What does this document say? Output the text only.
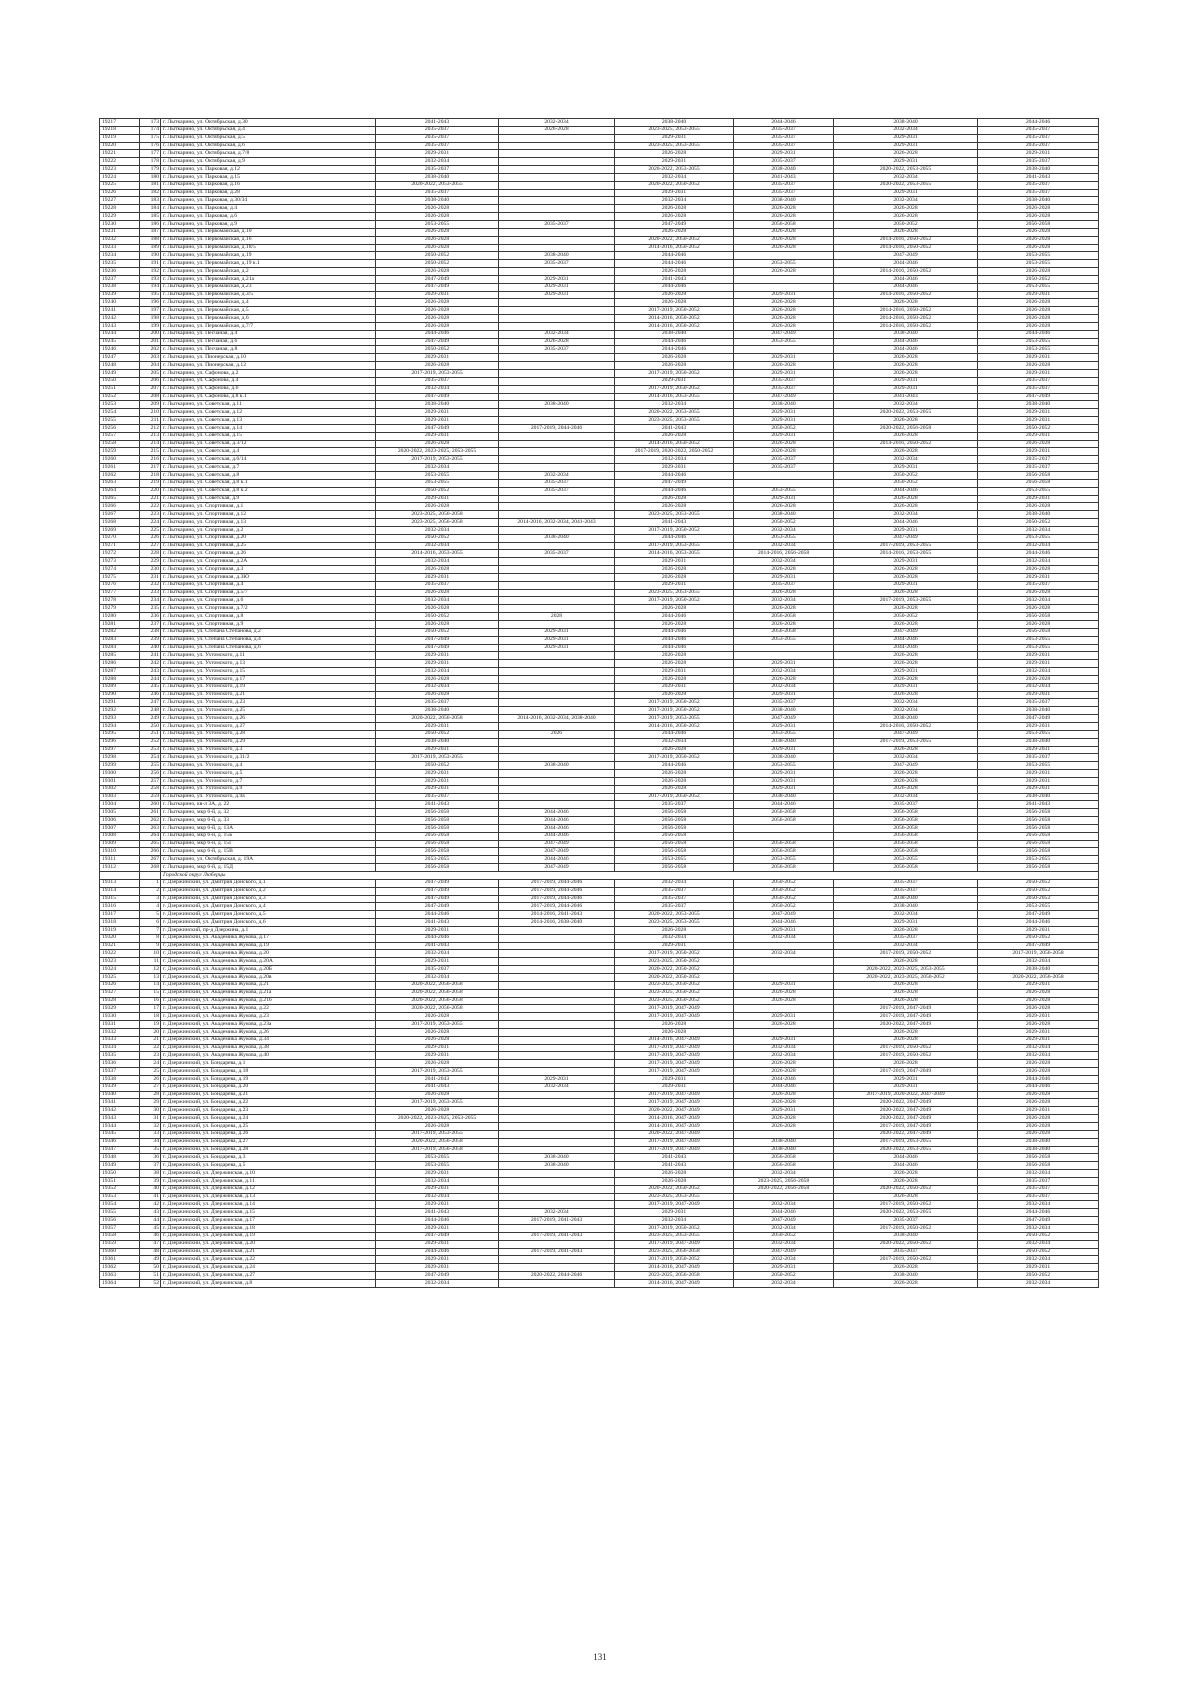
19217	173	г. Лыткарино, ул. Октябрьская, д.30	2041-2043	2032-2034	2038-2040	2044-2046	2038-2040	2044-2046
19218	174	г. Лыткарино, ул. Октябрьская, д.4	2035-2037	2026-2028	2023-2025, 2053-2055	2035-2037	2032-2034	2035-2037
19219	175	г. Лыткарино, ул. Октябрьская, д.5	2035-2037		2029-2031	2035-2037	2029-2031	2035-2037
19220	176	г. Лыткарино, ул. Октябрьская, д.6	2035-2037		2023-2025, 2053-2055	2035-2037	2029-2031	2035-2037
19221	177	г. Лыткарино, ул. Октябрьская, д.7/8	2029-2031		2026-2028	2029-2031	2026-2028	2029-2031
19222	178	г. Лыткарино, ул. Октябрьская, д.9	2032-2034		2029-2031	2035-2037	2029-2031	2035-2037
19223	179	г. Лыткарино, ул. Парковая, д.12	2035-2037		2020-2022, 2053-2055	2038-2040	2020-2022, 2053-2055	2038-2040
19224	180	г. Лыткарино, ул. Парковая, д.15	2038-2040		2032-2034	2041-2043	2032-2034	2041-2043
19225	181	г. Лыткарино, ул. Парковая, д.16	2020-2022, 2053-2055		2020-2022, 2050-2052	2035-2037	2020-2022, 2053-2055	2035-2037
19226	182	г. Лыткарино, ул. Парковая, д.28	2035-2037		2029-2031	2035-2037	2029-2031	2035-2037
19227	183	г. Лыткарино, ул. Парковая, д.30/34	2038-2040		2032-2034	2038-2040	2032-2034	2038-2040
19228	184	г. Лыткарино, ул. Парковая, д.4	2026-2028		2026-2028	2026-2028	2026-2028	2026-2028
19229	185	г. Лыткарино, ул. Парковая, д.6	2026-2028		2026-2028	2026-2028	2026-2028	2026-2028
19230	186	г. Лыткарино, ул. Парковая, д.9	2053-2055	2035-2037	2047-2049	2056-2058	2050-2052	2056-2058
19231	187	г. Лыткарино, ул. Первомайская, д.10	2026-2028		2026-2028	2026-2028	2026-2028	2026-2028
19232	188	г. Лыткарино, ул. Первомайская, д.16	2026-2028		2020-2022, 2050-2052	2026-2028	2014-2016, 2050-2052	2026-2028
19233	189	г. Лыткарино, ул. Первомайская, д.18/5	2026-2028		2014-2016, 2050-2052	2026-2028	2014-2016, 2050-2052	2026-2028
19234	190	г. Лыткарино, ул. Первомайская, д.19	2050-2052	2038-2040	2044-2046		2047-2049	2053-2055
19235	191	г. Лыткарино, ул. Первомайская, д.19 к.1	2050-2052	2035-2037	2044-2046	2053-2055	2044-2046	2053-2055
19236	192	г. Лыткарино, ул. Первомайская, д.2	2026-2028		2026-2028	2026-2028	2014-2016, 2050-2052	2026-2028
19237	193	г. Лыткарино, ул. Первомайская, д.21а	2047-2049	2029-2031	2041-2043		2044-2046	2050-2052
19238	194	г. Лыткарино, ул. Первомайская, д.23	2047-2049	2029-2031	2044-2046		2044-2046	2053-2055
19239	195	г. Лыткарино, ул. Первомайская, д.3/5	2029-2031	2029-2031	2026-2028	2029-2031	2014-2016, 2050-2052	2029-2031
19240	196	г. Лыткарино, ул. Первомайская, д.4	2026-2028		2026-2028	2026-2028	2026-2028	2026-2028
19241	197	г. Лыткарино, ул. Первомайская, д.5	2026-2028		2017-2019, 2050-2052	2026-2028	2014-2016, 2050-2052	2026-2028
19242	198	г. Лыткарино, ул. Первомайская, д.6	2026-2028		2014-2016, 2050-2052	2026-2028	2014-2016, 2050-2052	2026-2028
19243	199	г. Лыткарино, ул. Первомайская, д.7/7	2026-2028		2014-2016, 2050-2052	2026-2028	2014-2016, 2050-2052	2026-2028
19244	200	г. Лыткарино, ул. Песчаная, д.4	2044-2046	2032-2034	2038-2040	2047-2049	2038-2040	2044-2046
19245	201	г. Лыткарино, ул. Песчаная, д.6	2047-2049	2026-2028	2044-2046	2053-2055	2044-2046	2053-2055
19246	202	г. Лыткарино, ул. Песчаная, д.8	2050-2052	2035-2037	2044-2046		2044-2046	2053-2055
19247	203	г. Лыткарино, ул. Пионерская, д.10	2029-2031		2026-2028	2029-2031	2026-2028	2029-2031
19248	204	г. Лыткарино, ул. Пионерская, д.12	2026-2028		2026-2028	2026-2028	2026-2028	2026-2028
19249	205	г. Лыткарино, ул. Сафонова, д.2	2017-2019, 2053-2055		2017-2019, 2050-2052	2029-2031	2026-2028	2029-2031
19250	206	г. Лыткарино, ул. Сафонова, д.4	2035-2037		2029-2031	2035-2037	2029-2031	2035-2037
19251	207	г. Лыткарино, ул. Сафонова, д.6	2032-2034		2017-2019, 2050-2052	2035-2037	2029-2031	2035-2037
19252	208	г. Лыткарино, ул. Сафонова, д.8 к.1	2047-2049		2014-2016, 2053-2055	2047-2049	2041-2043	2047-2049
19253	209	г. Лыткарино, ул. Советская, д.11	2038-2040	2038-2040	2032-2034	2038-2040	2032-2034	2038-2040
19254	210	г. Лыткарино, ул. Советская, д.12	2029-2031		2020-2022, 2053-2055	2029-2031	2020-2022, 2053-2055	2029-2031
19255	211	г. Лыткарино, ул. Советская, д.13	2029-2031		2023-2025, 2053-2055	2029-2031	2026-2028	2029-2031
19256	212	г. Лыткарино, ул. Советская, д.14	2047-2049	2017-2019, 2044-2046	2041-2043	2050-2052	2020-2022, 2056-2058	2050-2052
19257	213	г. Лыткарино, ул. Советская, д.15	2029-2031		2026-2028	2029-2031	2026-2028	2029-2031
19258	214	г. Лыткарино, ул. Советская, д.3/12	2026-2028		2014-2016, 2050-2052	2026-2028	2014-2016, 2050-2052	2026-2028
19259	215	г. Лыткарино, ул. Советская, д.4	2020-2022, 2023-2025, 2053-2055		2017-2019, 2020-2022, 2050-2052	2026-2028	2026-2028	2029-2031
19260	216	г. Лыткарино, ул. Советская, д.6/14	2017-2019, 2053-2055		2032-2034	2035-2037	2032-2034	2035-2037
19261	217	г. Лыткарино, ул. Советская, д.7	2032-2034		2029-2031	2035-2037	2029-2031	2035-2037
19262	218	г. Лыткарино, ул. Советская, д.8	2053-2055	2032-2034	2044-2046		2050-2052	2056-2058
19263	219	г. Лыткарино, ул. Советская, д.8 к.1	2053-2055	2035-2037	2047-2049		2050-2052	2056-2058
19264	220	г. Лыткарино, ул. Советская, д.8 к.2	2050-2052	2035-2037	2044-2046	2053-2055	2044-2046	2053-2055
19265	221	г. Лыткарино, ул. Советская, д.9	2029-2031		2026-2028	2029-2031	2026-2028	2029-2031
19266	222	г. Лыткарино, ул. Спортивная, д.1	2026-2028		2026-2028	2026-2028	2026-2028	2026-2028
19267	223	г. Лыткарино, ул. Спортивная, д.12	2023-2025, 2056-2058		2023-2025, 2053-2055	2038-2040	2032-2034	2038-2040
19268	224	г. Лыткарино, ул. Спортивная, д.13	2023-2025, 2056-2058	2014-2016, 2032-2034, 2041-2043	2041-2043	2050-2052	2044-2046	2050-2052
19269	225	г. Лыткарино, ул. Спортивная, д.2	2032-2034		2017-2019, 2050-2052	2032-2034	2029-2031	2032-2034
19270	226	г. Лыткарино, ул. Спортивная, д.20	2050-2052	2038-2040	2044-2046	2053-2055	2047-2049	2053-2055
19271	227	г. Лыткарино, ул. Спортивная, д.25	2032-2034		2017-2019, 2053-2055	2032-2034	2017-2019, 2053-2055	2032-2034
19272	228	г. Лыткарино, ул. Спортивная, д.26	2014-2016, 2053-2055	2035-2037	2014-2016, 2053-2055	2014-2016, 2056-2058	2014-2016, 2053-2055	2044-2046
19273	229	г. Лыткарино, ул. Спортивная, д.2А	2032-2034		2029-2031	2032-2034	2029-2031	2032-2034
19274	230	г. Лыткарино, ул. Спортивная, д.3	2026-2028		2026-2028	2026-2028	2026-2028	2026-2028
19275	231	г. Лыткарино, ул. Спортивная, д.3Ю	2029-2031		2026-2028	2029-2031	2026-2028	2029-2031
19276	232	г. Лыткарино, ул. Спортивная, д.4	2035-2037		2029-2031	2035-2037	2029-2031	2035-2037
19277	233	г. Лыткарино, ул. Спортивная, д.5/7	2026-2028		2023-2025, 2053-2055	2026-2028	2026-2028	2026-2028
19278	234	г. Лыткарино, ул. Спортивная, д.6	2032-2034		2017-2019, 2050-2052	2032-2034	2017-2019, 2053-2055	2032-2034
19279	235	г. Лыткарино, ул. Спортивная, д.7/2	2026-2028		2026-2028	2026-2028	2026-2028	2026-2028
19280	236	г. Лыткарино, ул. Спортивная, д.8	2050-2052	2028	2044-2046	2056-2058	2050-2052	2056-2058
19281	237	г. Лыткарино, ул. Спортивная, д.9	2026-2028		2026-2028	2026-2028	2026-2028	2026-2028
19282	238	г. Лыткарино, ул. Степана Степанова, д.2	2050-2052	2029-2031	2044-2046	2056-2058	2047-2049	2056-2058
19283	239	г. Лыткарино, ул. Степана Степанова, д.4	2047-2049	2029-2031	2044-2046	2053-2055	2044-2046	2053-2055
19284	240	г. Лыткарино, ул. Степана Степанова, д.6	2047-2049	2029-2031	2044-2046		2044-2046	2053-2055
19285	241	г. Лыткарино, ул. Ухтомского, д.11	2029-2031		2026-2028		2026-2028	2029-2031
19286	242	г. Лыткарино, ул. Ухтомского, д.13	2029-2031		2026-2028	2029-2031	2026-2028	2029-2031
19287	243	г. Лыткарино, ул. Ухтомского, д.15	2032-2034		2029-2031	2032-2034	2029-2031	2032-2034
19288	244	г. Лыткарино, ул. Ухтомского, д.17	2026-2028		2026-2028	2026-2028	2026-2028	2026-2028
19289	245	г. Лыткарино, ул. Ухтомского, д.19	2032-2034		2029-2031	2032-2034	2029-2031	2032-2034
19290	246	г. Лыткарино, ул. Ухтомского, д.21	2026-2028		2026-2028	2029-2031	2026-2028	2029-2031
19291	247	г. Лыткарино, ул. Ухтомского, д.23	2035-2037		2017-2019, 2050-2052	2035-2037	2032-2034	2035-2037
19292	248	г. Лыткарино, ул. Ухтомского, д.25	2038-2040		2017-2019, 2050-2052	2038-2040	2032-2034	2038-2040
19293	249	г. Лыткарино, ул. Ухтомского, д.26	2020-2022, 2056-2058	2014-2016, 2032-2034, 2038-2040	2017-2019, 2053-2055	2047-2049	2038-2040	2047-2049
19294	250	г. Лыткарино, ул. Ухтомского, д.27	2029-2031		2014-2016, 2050-2052	2029-2031	2014-2016, 2050-2052	2029-2031
19295	251	г. Лыткарино, ул. Ухтомского, д.28	2050-2052	2026	2044-2046	2053-2055	2047-2049	2053-2055
19296	252	г. Лыткарино, ул. Ухтомского, д.29	2038-2040		2032-2034	2038-2040	2017-2019, 2053-2055	2038-2040
19297	253	г. Лыткарино, ул. Ухтомского, д.3	2029-2031		2026-2028	2029-2031	2026-2028	2029-2031
19298	254	г. Лыткарино, ул. Ухтомского, д.31/2	2017-2019, 2053-2055		2017-2019, 2050-2052	2038-2040	2032-2034	2035-2037
19299	255	г. Лыткарино, ул. Ухтомского, д.4	2050-2052	2038-2040	2044-2046	2053-2055	2047-2049	2053-2055
19300	256	г. Лыткарино, ул. Ухтомского, д.5	2029-2031		2026-2028	2029-2031	2026-2028	2029-2031
19301	257	г. Лыткарино, ул. Ухтомского, д.7	2029-2031		2026-2028	2029-2031	2026-2028	2029-2031
19302	258	г. Лыткарино, ул. Ухтомского, д.9	2029-2031		2026-2028	2029-2031	2026-2028	2029-2031
19303	259	г. Лыткарино, ул. Ухтомского, д.9а	2035-2037		2017-2019, 2050-2052	2038-2040	2032-2034	2038-2040
19304	260	г. Лыткарино, кв-л 3А, д. 22	2041-2043		2035-2037	2044-2046	2035-2037	2041-2043
19305	261	г. Лыткарино, мкр 6-й, д. 32	2056-2058	2044-2046	2056-2058	2056-2058	2056-2058	2056-2058
19306	262	г. Лыткарино, мкр 6-й, д. 33	2056-2058	2044-2046	2056-2058	2056-2058	2056-2058	2056-2058
19307	263	г. Лыткарино, мкр 6-й, д. 13А	2056-2058	2044-2046	2056-2058		2056-2058	2056-2058
19308	264	г. Лыткарино, мкр 6-й, д. 15Б	2056-2058	2044-2046	2056-2058		2056-2058	2056-2058
19309	265	г. Лыткарино, мкр 6-й, д. 15Г	2056-2058	2047-2049	2056-2058	2056-2058	2056-2058	2056-2058
19310	266	г. Лыткарино, мкр 6-й, д. 15В	2056-2058	2047-2049	2056-2058	2056-2058	2056-2058	2056-2058
19311	267	г. Лыткарино, ул. Октябрьская, д. 19А	2053-2055	2044-2046	2053-2055	2053-2055	2053-2055	2053-2055
19312	268	г. Лыткарино, мкр 6-й, д. 15Д	2056-2058	2047-2049	2056-2058	2056-2058	2056-2058	2056-2058
		Городской округ Люберцы						
19313	1	г. Дзержинский, ул. Дмитрия Донского, д.1	2047-2049	2017-2019, 2044-2046	2032-2034	2050-2052	2035-2037	2050-2052
19314	2	г. Дзержинский, ул. Дмитрия Донского, д.2	2047-2049	2017-2019, 2044-2046	2035-2037	2050-2052	2035-2037	2050-2052
19315	3	г. Дзержинский, ул. Дмитрия Донского, д.3	2047-2049	2017-2019, 2044-2046	2035-2037	2050-2052	2038-2040	2050-2052
19316	4	г. Дзержинский, ул. Дмитрия Донского, д.4	2047-2049	2017-2019, 2044-2046	2035-2037	2050-2052	2038-2040	2053-2055
19317	5	г. Дзержинский, ул. Дмитрия Донского, д.5	2044-2046	2014-2016, 2041-2043	2020-2022, 2053-2055	2047-2049	2032-2034	2047-2049
19318	6	г. Дзержинский, ул. Дмитрия Донского, д.6	2041-2043	2014-2016, 2038-2040	2023-2025, 2053-2055	2044-2046	2029-2031	2044-2046
19319	7	г. Дзержинский, пр-д Дзержина, д.1	2029-2031		2026-2028	2029-2031	2026-2028	2029-2031
19320	8	г. Дзержинский, ул. Академика Жукова, д.17	2044-2046		2032-2034	2032-2034	2035-2037	2050-2052
19321	9	г. Дзержинский, ул. Академика Жукова, д.19	2041-2043		2029-2031		2032-2034	2047-2049
19322	10	г. Дзержинский, ул. Академика Жукова, д.20	2032-2034		2017-2019, 2050-2052	2032-2034	2017-2019, 2050-2052	2017-2019, 2056-2058
19323	11	г. Дзержинский, ул. Академика Жукова, д.20А	2029-2031		2023-2025, 2050-2052		2026-2028	2032-2034
19324	12	г. Дзержинский, ул. Академика Жукова, д.20Б	2035-2037		2020-2022, 2050-2052		2020-2022, 2023-2025, 2053-2055	2038-2040
19325	13	г. Дзержинский, ул. Академика Жукова, д.20в	2032-2034		2020-2022, 2050-2052		2020-2022, 2023-2025, 2050-2052	2020-2022, 2056-2058
19326	14	г. Дзержинский, ул. Академика Жукова, д.21	2020-2022, 2056-2058		2023-2025, 2050-2052	2029-2031	2026-2028	2029-2031
19327	15	г. Дзержинский, ул. Академика Жукова, д.21а	2020-2022, 2056-2058		2023-2025, 2050-2052	2026-2028	2026-2028	2026-2028
19328	16	г. Дзержинский, ул. Академика Жукова, д.21б	2020-2022, 2056-2058		2023-2025, 2050-2052	2026-2028	2026-2028	2026-2028
19329	17	г. Дзержинский, ул. Академика Жукова, д.22	2020-2022, 2056-2058		2017-2019, 2047-2049		2017-2019, 2047-2049	2026-2028
19330	18	г. Дзержинский, ул. Академика Жукова, д.23	2026-2028		2017-2019, 2047-2049	2029-2031	2017-2019, 2047-2049	2029-2031
19331	19	г. Дзержинский, ул. Академика Жукова, д.23а	2017-2019, 2053-2055		2026-2028	2026-2028	2020-2022, 2047-2049	2026-2028
19332	20	г. Дзержинский, ул. Академика Жукова, д.26	2026-2028		2026-2028		2026-2028	2029-2031
19333	21	г. Дзержинский, ул. Академика Жукова, д.34	2026-2028		2014-2016, 2047-2049	2029-2031	2026-2028	2029-2031
19334	22	г. Дзержинский, ул. Академика Жукова, д.38	2029-2031		2017-2019, 2047-2049	2032-2034	2017-2019, 2050-2052	2032-2034
19335	23	г. Дзержинский, ул. Академика Жукова, д.40	2029-2031		2017-2019, 2047-2049	2032-2034	2017-2019, 2050-2052	2032-2034
19336	24	г. Дзержинский, ул. Бондарева, д.1	2026-2028		2017-2019, 2047-2049	2026-2028	2026-2028	2026-2028
19337	25	г. Дзержинский, ул. Бондарева, д.18	2017-2019, 2053-2055		2017-2019, 2047-2049	2026-2028	2017-2019, 2047-2049	2026-2028
19338	26	г. Дзержинский, ул. Бондарева, д.19	2041-2043	2029-2031	2029-2031	2044-2046	2029-2031	2044-2046
19339	27	г. Дзержинский, ул. Бондарева, д.20	2041-2043	2032-2034	2029-2031	2044-2046	2029-2031	2044-2046
19340	28	г. Дзержинский, ул. Бондарева, д.21	2026-2028		2017-2019, 2047-2049	2026-2028	2017-2019, 2020-2022, 2047-2049	2026-2028
19341	29	г. Дзержинский, ул. Бондарева, д.22	2017-2019, 2053-2055		2017-2019, 2047-2049	2026-2028	2020-2022, 2047-2049	2026-2028
19342	30	г. Дзержинский, ул. Бондарева, д.23	2026-2028		2020-2022, 2047-2049	2029-2031	2020-2022, 2047-2049	2029-2031
19343	31	г. Дзержинский, ул. Бондарева, д.24	2020-2022, 2023-2025, 2053-2055		2014-2016, 2047-2049	2026-2028	2020-2022, 2047-2049	2026-2028
19344	32	г. Дзержинский, ул. Бондарева, д.25	2026-2028		2014-2016, 2047-2049	2026-2028	2017-2019, 2047-2049	2026-2028
19345	33	г. Дзержинский, ул. Бондарева, д.26	2017-2019, 2053-2055		2020-2022, 2047-2049		2020-2022, 2047-2049	2026-2028
19346	34	г. Дзержинский, ул. Бондарева, д.27	2020-2022, 2056-2058		2017-2019, 2047-2049	2038-2040	2017-2019, 2053-2055	2038-2040
19347	35	г. Дзержинский, ул. Бондарева, д.28	2017-2019, 2056-2058		2017-2019, 2047-2049	2038-2040	2020-2022, 2053-2055	2038-2040
19348	36	г. Дзержинский, ул. Бондарева, д.3	2053-2055	2038-2040	2041-2043	2056-2058	2044-2046	2056-2058
19349	37	г. Дзержинский, ул. Бондарева, д.5	2053-2055	2038-2040	2041-2043	2056-2058	2044-2046	2056-2058
19350	38	г. Дзержинский, ул. Дзержинская, д.10	2029-2031		2026-2028	2032-2034	2026-2028	2032-2034
19351	39	г. Дзержинский, ул. Дзержинская, д.11	2032-2034		2026-2028	2023-2025, 2056-2058	2026-2028	2035-2037
19352	40	г. Дзержинский, ул. Дзержинская, д.12	2029-2031		2020-2022, 2050-2052	2020-2022, 2056-2058	2020-2022, 2050-2052	2035-2037
19353	41	г. Дзержинский, ул. Дзержинская, д.13	2032-2034		2023-2025, 2053-2055		2026-2028	2035-2037
19354	42	г. Дзержинский, ул. Дзержинская, д.14	2029-2031		2017-2019, 2047-2049	2032-2034	2017-2019, 2050-2052	2032-2034
19355	43	г. Дзержинский, ул. Дзержинская, д.15	2041-2043	2032-2034	2029-2031	2044-2046	2020-2022, 2053-2055	2044-2046
19356	44	г. Дзержинский, ул. Дзержинская, д.17	2044-2046	2017-2019, 2041-2043	2032-2034	2047-2049	2035-2037	2047-2049
19357	45	г. Дзержинский, ул. Дзержинская, д.18	2029-2031		2017-2019, 2050-2052	2032-2034	2017-2019, 2050-2052	2032-2034
19358	46	г. Дзержинский, ул. Дзержинская, д.19	2047-2049	2017-2019, 2041-2043	2023-2025, 2053-2055	2050-2052	2038-2040	2050-2052
19359	47	г. Дзержинский, ул. Дзержинская, д.20	2029-2031		2017-2019, 2047-2049	2032-2034	2020-2022, 2050-2052	2032-2034
19360	48	г. Дзержинский, ул. Дзержинская, д.21	2044-2046	2017-2019, 2041-2043	2023-2025, 2056-2058	2047-2049	2035-2037	2050-2052
19361	49	г. Дзержинский, ул. Дзержинская, д.22	2029-2031		2017-2019, 2050-2052	2032-2034	2017-2019, 2050-2052	2032-2034
19362	50	г. Дзержинский, ул. Дзержинская, д.24	2029-2031		2014-2016, 2047-2049	2029-2031	2026-2028	2029-2031
19363	51	г. Дзержинский, ул. Дзержинская, д.27	2047-2049	2020-2022, 2044-2046	2023-2025, 2056-2058	2050-2052	2038-2040	2050-2052
19364	52	г. Дзержинский, ул. Дзержинская, д.8	2032-2034		2014-2016, 2047-2049	2032-2034	2026-2028	2032-2034
131
